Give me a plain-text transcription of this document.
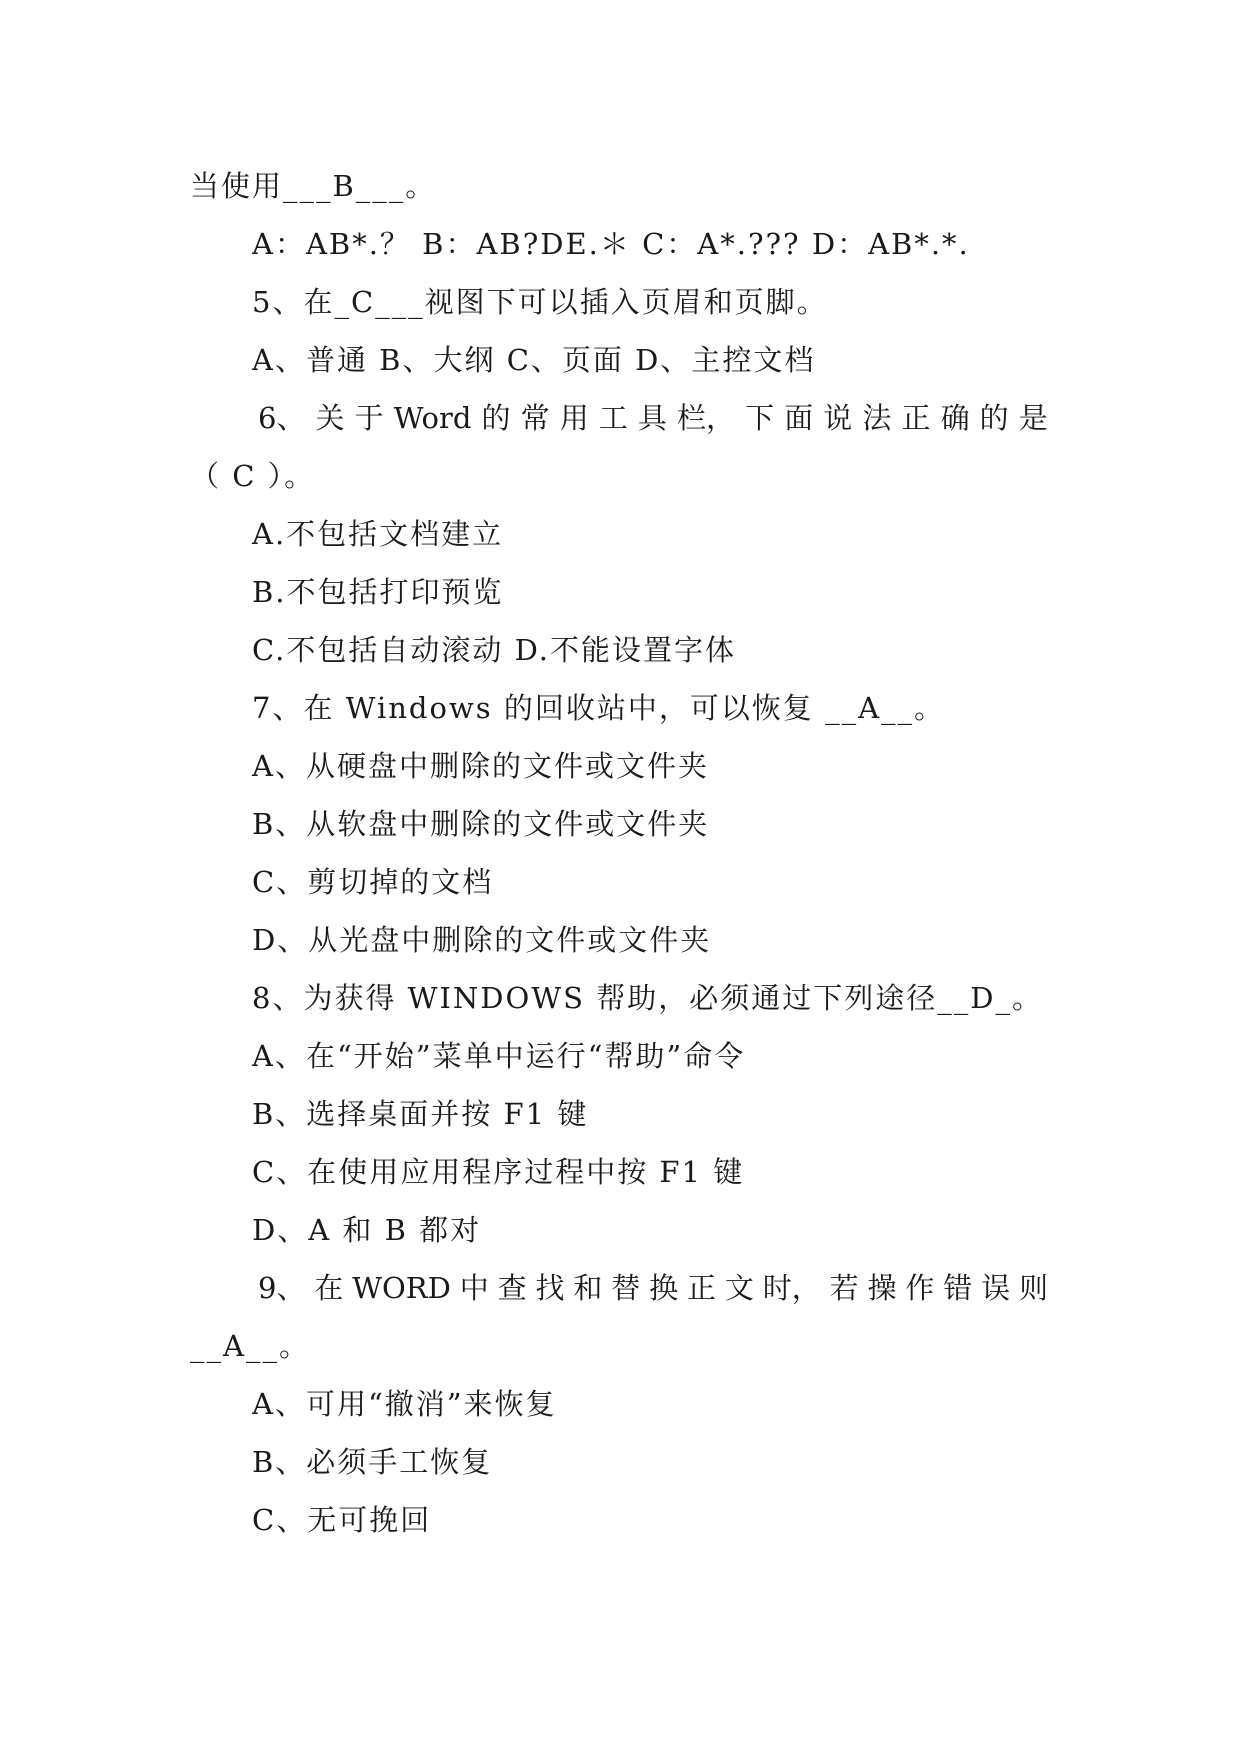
当使用___B___。
A：AB*.？ B：AB?DE.＊ C：A*.??? D：AB*.*.
5、在_C___视图下可以插入页眉和页脚。
A、普通 B、大纲 C、页面 D、主控文档
6、 关 于 Word 的 常 用 工 具 栏， 下 面 说 法 正 确 的 是
（ C ）。
A.不包括文档建立
B.不包括打印预览
C.不包括自动滚动 D.不能设置字体
7、在 Windows 的回收站中，可以恢复 __A__。
A、从硬盘中删除的文件或文件夹
B、从软盘中删除的文件或文件夹
C、剪切掉的文档
D、从光盘中删除的文件或文件夹
8、为获得 WINDOWS 帮助，必须通过下列途径__D_。
A、在“开始”菜单中运行“帮助”命令
B、选择桌面并按 F1 键
C、在使用应用程序过程中按 F1 键
D、A 和 B 都对
9、 在 WORD 中 查 找 和 替 换 正 文 时， 若 操 作 错 误 则
__A__。
A、可用“撤消”来恢复
B、必须手工恢复
C、无可挽回
